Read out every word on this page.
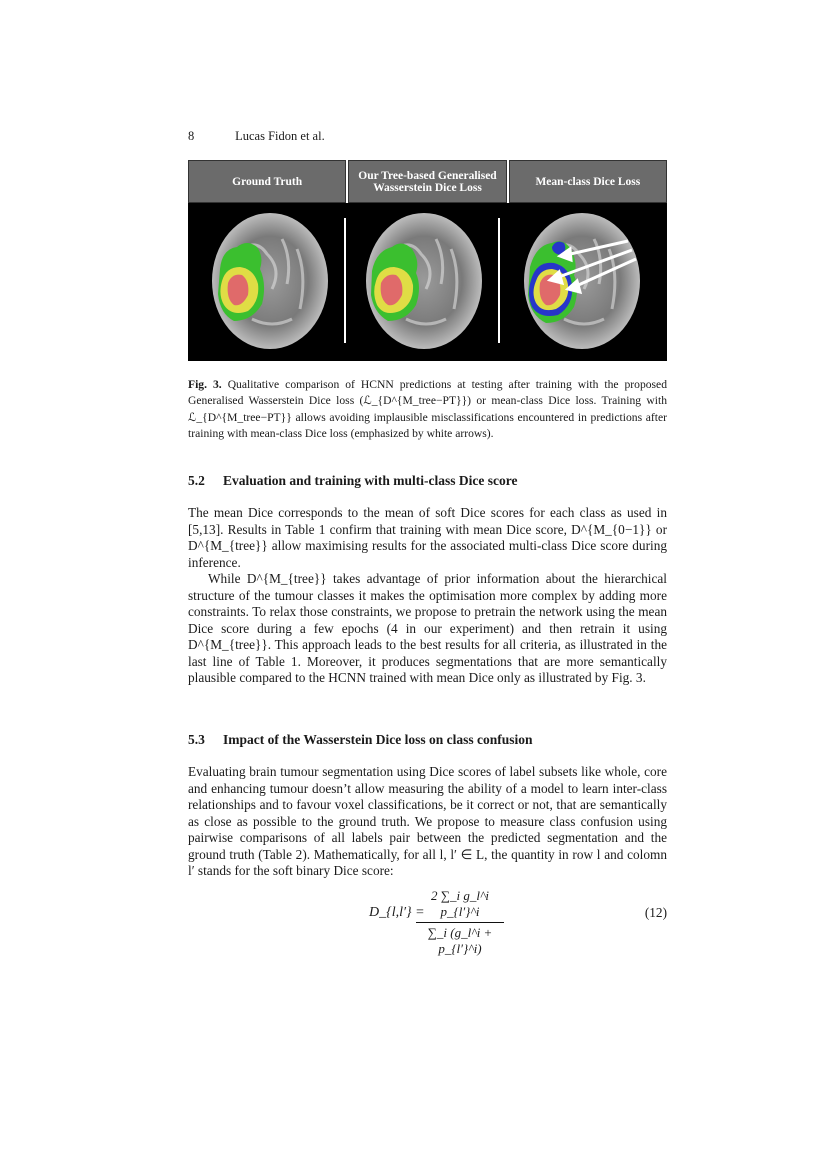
8	Lucas Fidon et al.
Ground Truth	Our Tree-based Generalised Wasserstein Dice Loss	Mean-class Dice Loss
Fig. 3. Qualitative comparison of HCNN predictions at testing after training with the proposed Generalised Wasserstein Dice loss (ℒ_{D^{M_tree−PT}}) or mean-class Dice loss. Training with ℒ_{D^{M_tree−PT}} allows avoiding implausible misclassifications encountered in predictions after training with mean-class Dice loss (emphasized by white arrows).
5.2 Evaluation and training with multi-class Dice score
The mean Dice corresponds to the mean of soft Dice scores for each class as used in [5,13]. Results in Table 1 confirm that training with mean Dice score, D^{M_{0−1}} or D^{M_{tree}} allow maximising results for the associated multi-class Dice score during inference.
While D^{M_{tree}} takes advantage of prior information about the hierarchical structure of the tumour classes it makes the optimisation more complex by adding more constraints. To relax those constraints, we propose to pretrain the network using the mean Dice score during a few epochs (4 in our experiment) and then retrain it using D^{M_{tree}}. This approach leads to the best results for all criteria, as illustrated in the last line of Table 1. Moreover, it produces segmentations that are more semantically plausible compared to the HCNN trained with mean Dice only as illustrated by Fig. 3.
5.3 Impact of the Wasserstein Dice loss on class confusion
Evaluating brain tumour segmentation using Dice scores of label subsets like whole, core and enhancing tumour doesn’t allow measuring the ability of a model to learn inter-class relationships and to favour voxel classifications, be it correct or not, that are semantically as close as possible to the ground truth. We propose to measure class confusion using pairwise comparisons of all labels pair between the predicted segmentation and the ground truth (Table 2). Mathematically, for all l, l′ ∈ L, the quantity in row l and colomn l′ stands for the soft binary Dice score:
D_{l,l′} =
$\frac{\text{2 ∑\_i g\_l\textasciicircum{}i p\_\{l′\}\textasciicircum{}i}}{\sum\_i (g\_l\^{}i + p\_\{l'\}\^{}i)}$	(12)
